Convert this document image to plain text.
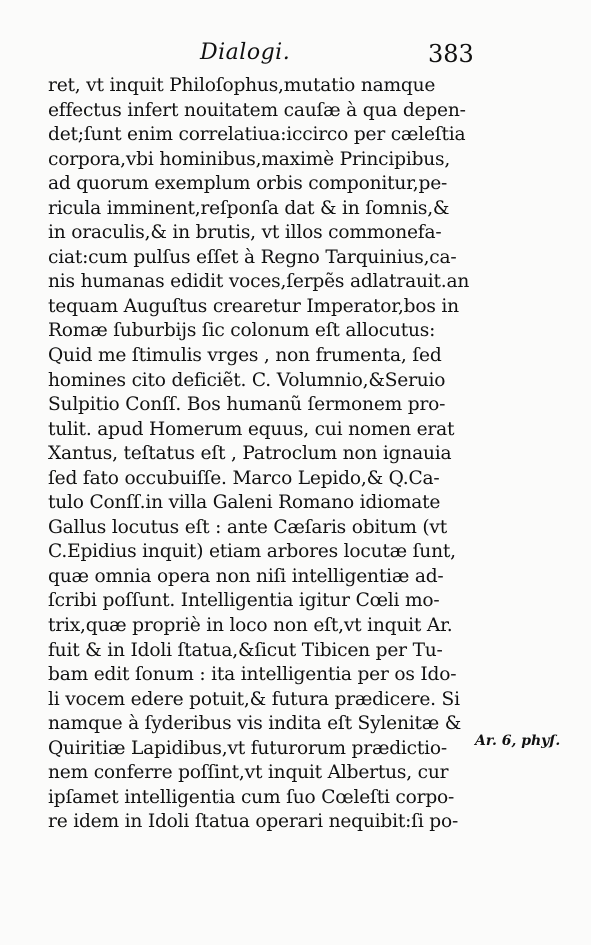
Dialogi.	383
ret, vt inquit Philoſophus,mutatio namque
effectus infert nouitatem cauſæ à qua depen-
det;ſunt enim correlatiua:iccirco per cæleſtia
corpora,vbi hominibus,maximè Principibus,
ad quorum exemplum orbis componitur,pe-
ricula imminent,reſponſa dat & in ſomnis,&
in oraculis,& in brutis, vt illos commonefa-
ciat:cum pulſus eſſet à Regno Tarquinius,ca-
nis humanas edidit voces,ſerpẽs adlatrauit.an
tequam Auguſtus crearetur Imperator,bos in
Romæ ſuburbijs ſic colonum eſt allocutus:
Quid me ſtimulis vrges , non frumenta, ſed
homines cito deficiẽt. C. Volumnio,&Seruio
Sulpitio Conſſ. Bos humanũ ſermonem pro-
tulit. apud Homerum equus, cui nomen erat
Xantus, teſtatus eſt , Patroclum non ignauia
ſed fato occubuiſſe. Marco Lepido,& Q.Ca-
tulo Conſſ.in villa Galeni Romano idiomate
Gallus locutus eſt : ante Cæſaris obitum (vt
C.Epidius inquit) etiam arbores locutæ ſunt,
quæ omnia opera non niſi intelligentiæ ad-
ſcribi poſſunt. Intelligentia igitur Cœli mo-
trix,quæ propriè in loco non eſt,vt inquit Ar.
fuit & in Idoli ſtatua,&ſicut Tibicen per Tu-
bam edit ſonum : ita intelligentia per os Ido-
li vocem edere potuit,& futura prædicere. Si
namque à ſyderibus vis indita eſt Sylenitæ &
Quiritiæ Lapidibus,vt futurorum prædictio-
nem conferre poſſint,vt inquit Albertus, cur
ipſamet intelligentia cum ſuo Cœleſti corpo-
re idem in Idoli ſtatua operari nequibit:ſi po-
Ar. 6, phyſ.
